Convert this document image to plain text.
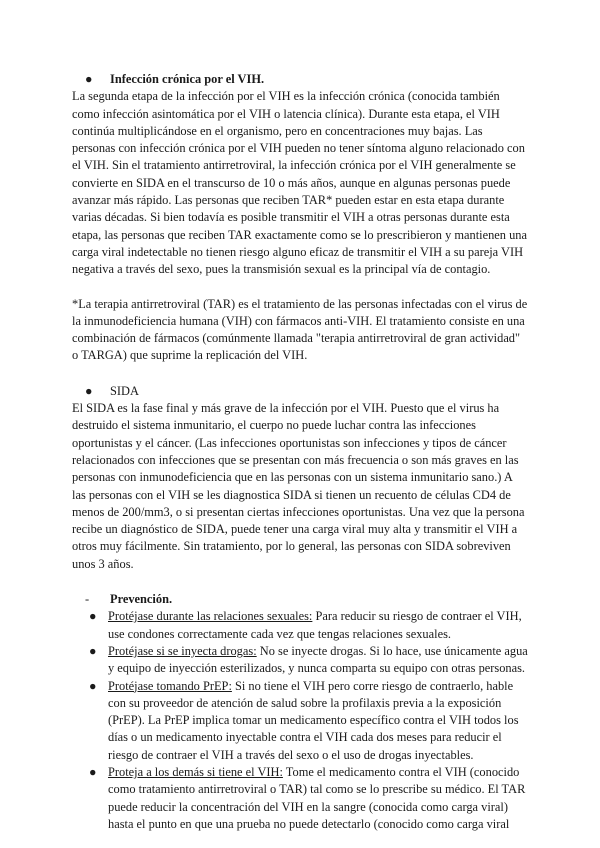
● Infección crónica por el VIH.

La segunda etapa de la infección por el VIH es la infección crónica (conocida también como infección asintomática por el VIH o latencia clínica). Durante esta etapa, el VIH continúa multiplicándose en el organismo, pero en concentraciones muy bajas. Las personas con infección crónica por el VIH pueden no tener síntoma alguno relacionado con el VIH. Sin el tratamiento antirretroviral, la infección crónica por el VIH generalmente se convierte en SIDA en el transcurso de 10 o más años, aunque en algunas personas puede avanzar más rápido. Las personas que reciben TAR* pueden estar en esta etapa durante varias décadas. Si bien todavía es posible transmitir el VIH a otras personas durante esta etapa, las personas que reciben TAR exactamente como se lo prescribieron y mantienen una carga viral indetectable no tienen riesgo alguno eficaz de transmitir el VIH a su pareja VIH negativa a través del sexo, pues la transmisión sexual es la principal vía de contagio.

*La terapia antirretroviral (TAR) es el tratamiento de las personas infectadas con el virus de la inmunodeficiencia humana (VIH) con fármacos anti-VIH. El tratamiento consiste en una combinación de fármacos (comúnmente llamada "terapia antirretroviral de gran actividad" o TARGA) que suprime la replicación del VIH.

● SIDA

El SIDA es la fase final y más grave de la infección por el VIH. Puesto que el virus ha destruido el sistema inmunitario, el cuerpo no puede luchar contra las infecciones oportunistas y el cáncer. (Las infecciones oportunistas son infecciones y tipos de cáncer relacionados con infecciones que se presentan con más frecuencia o son más graves en las personas con inmunodeficiencia que en las personas con un sistema inmunitario sano.) A las personas con el VIH se les diagnostica SIDA si tienen un recuento de células CD4 de menos de 200/mm3, o si presentan ciertas infecciones oportunistas. Una vez que la persona recibe un diagnóstico de SIDA, puede tener una carga viral muy alta y transmitir el VIH a otros muy fácilmente. Sin tratamiento, por lo general, las personas con SIDA sobreviven unos 3 años.

- Prevención.
● Protéjase durante las relaciones sexuales: Para reducir su riesgo de contraer el VIH, use condones correctamente cada vez que tengas relaciones sexuales.
● Protéjase si se inyecta drogas: No se inyecte drogas. Si lo hace, use únicamente agua y equipo de inyección esterilizados, y nunca comparta su equipo con otras personas.
● Protéjase tomando PrEP: Si no tiene el VIH pero corre riesgo de contraerlo, hable con su proveedor de atención de salud sobre la profilaxis previa a la exposición (PrEP). La PrEP implica tomar un medicamento específico contra el VIH todos los días o un medicamento inyectable contra el VIH cada dos meses para reducir el riesgo de contraer el VIH a través del sexo o el uso de drogas inyectables.
● Proteja a los demás si tiene el VIH: Tome el medicamento contra el VIH (conocido como tratamiento antirretroviral o TAR) tal como se lo prescribe su médico. El TAR puede reducir la concentración del VIH en la sangre (conocida como carga viral) hasta el punto en que una prueba no puede detectarlo (conocido como carga viral
